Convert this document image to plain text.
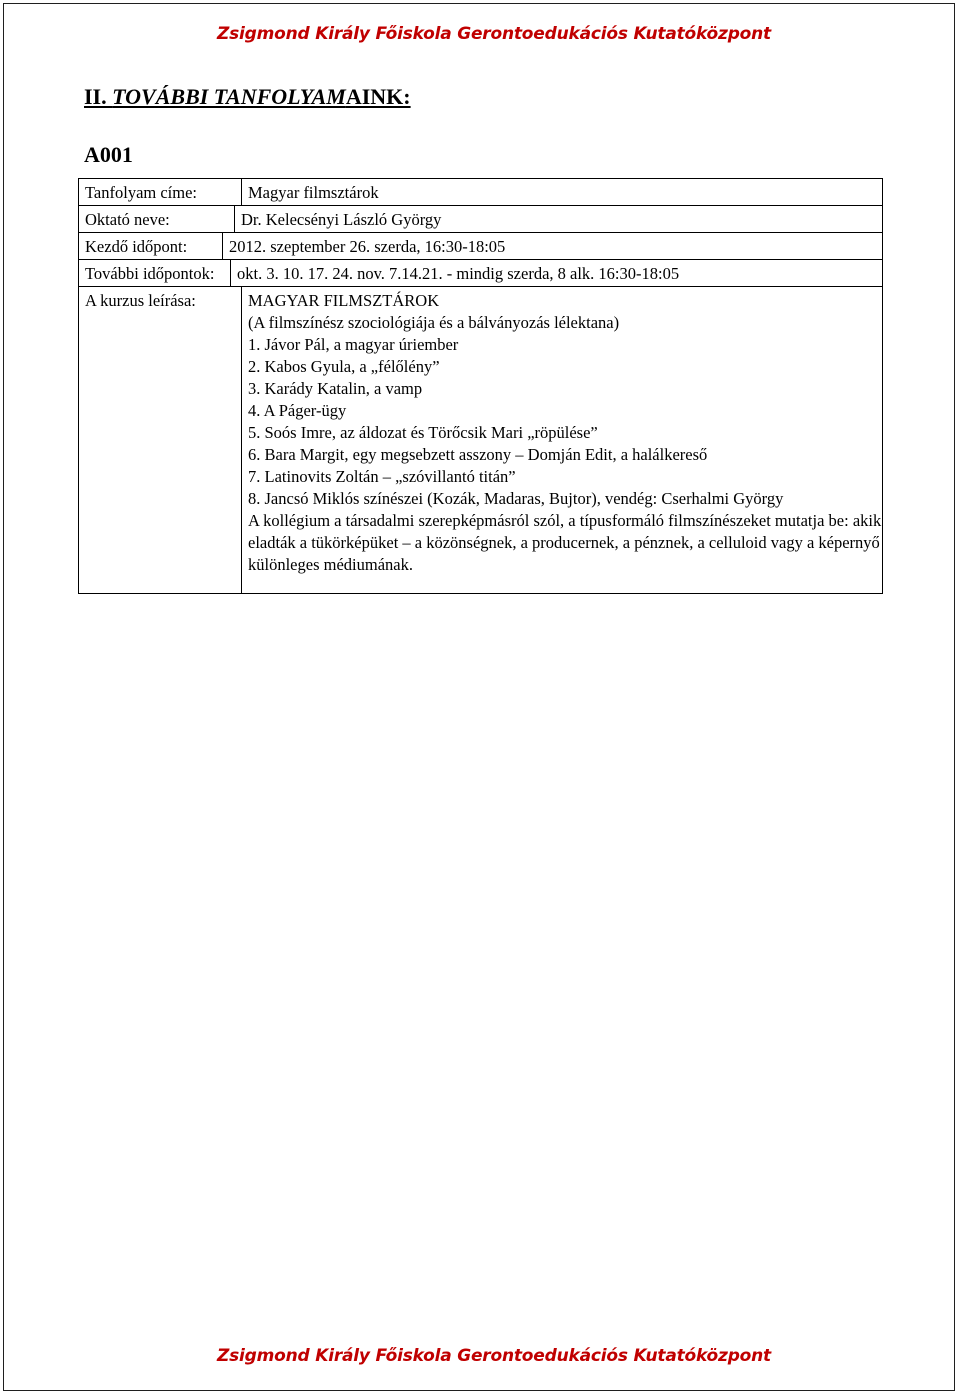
Zsigmond Király Főiskola Gerontoedukációs Kutatóközpont
II. TOVÁBBI TANFOLYAMAINK:
A001
Tanfolyam címe:	Magyar filmsztárok
Oktató neve:	Dr. Kelecsényi László György
Kezdő időpont:	2012. szeptember 26. szerda, 16:30-18:05
További időpontok:	okt. 3. 10. 17. 24. nov. 7.14.21. - mindig szerda, 8 alk. 16:30-18:05
A kurzus leírása:	MAGYAR FILMSZTÁROK
(A filmszínész szociológiája és a bálványozás lélektana)
1. Jávor Pál, a magyar úriember
2. Kabos Gyula, a „félőlény”
3. Karády Katalin, a vamp
4. A Páger-ügy
5. Soós Imre, az áldozat és Törőcsik Mari „röpülése”
6. Bara Margit, egy megsebzett asszony – Domján Edit, a halálkereső
7. Latinovits Zoltán – „szóvillantó titán”
8. Jancsó Miklós színészei (Kozák, Madaras, Bujtor), vendég: Cserhalmi György
A kollégium a társadalmi szerepképmásról szól, a típusformáló filmszínészeket mutatja be: akik eladták a tükörképüket – a közönségnek, a producernek, a pénznek, a celluloid vagy a képernyő különleges médiumának.
Zsigmond Király Főiskola Gerontoedukációs Kutatóközpont
